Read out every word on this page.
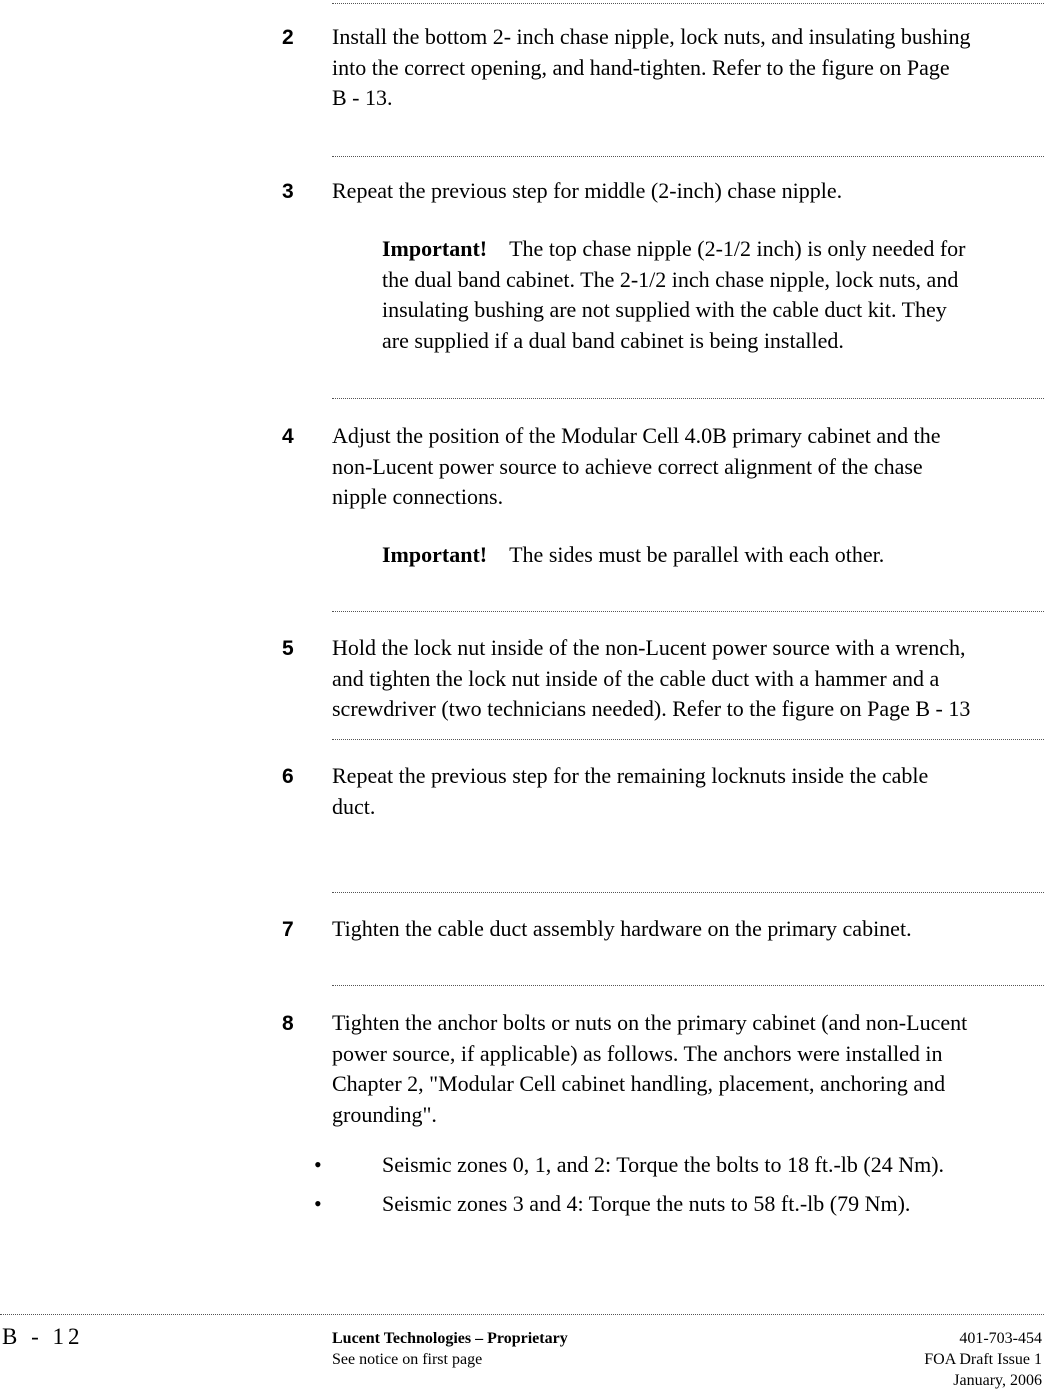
2 Install the bottom 2- inch chase nipple, lock nuts, and insulating bushing
into the correct opening, and hand-tighten. Refer to the figure on Page
B - 13.
3 Repeat the previous step for middle (2-inch) chase nipple.
Important! The top chase nipple (2-1/2 inch) is only needed for
the dual band cabinet. The 2-1/2 inch chase nipple, lock nuts, and
insulating bushing are not supplied with the cable duct kit. They
are supplied if a dual band cabinet is being installed.
4 Adjust the position of the Modular Cell 4.0B primary cabinet and the
non-Lucent power source to achieve correct alignment of the chase
nipple connections.
Important! The sides must be parallel with each other.
5 Hold the lock nut inside of the non-Lucent power source with a wrench,
and tighten the lock nut inside of the cable duct with a hammer and a
screwdriver (two technicians needed). Refer to the figure on Page B - 13
6 Repeat the previous step for the remaining locknuts inside the cable
duct.
7 Tighten the cable duct assembly hardware on the primary cabinet.
8 Tighten the anchor bolts or nuts on the primary cabinet (and non-Lucent
power source, if applicable) as follows. The anchors were installed in
Chapter 2, "Modular Cell cabinet handling, placement, anchoring and
grounding".
•	Seismic zones 0, 1, and 2: Torque the bolts to 18 ft.-lb (24 Nm).
•	Seismic zones 3 and 4: Torque the nuts to 58 ft.-lb (79 Nm).
B - 12	Lucent Technologies – Proprietary
See notice on first page
401-703-454
FOA Draft Issue 1
January, 2006
